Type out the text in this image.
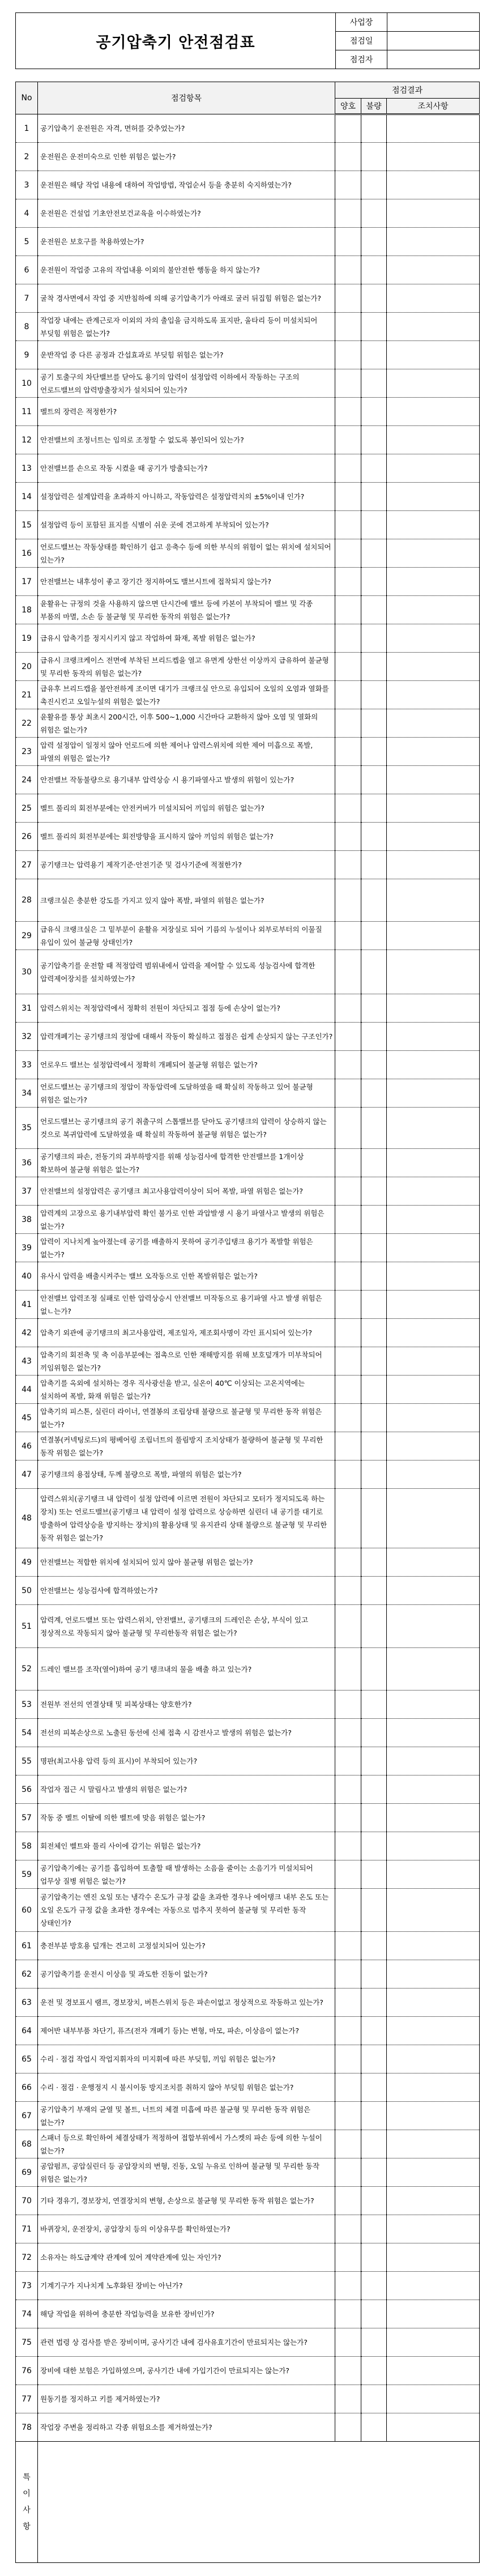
공기압축기 안전점검표
사업장
점검일
점검자
No	점검항목	점검결과		
		양호	불량	조치사항
1	공기압축기 운전원은 자격, 면허를 갖추었는가?			
2	운전원은 운전미숙으로 인한 위험은 없는가?			
3	운전원은 해당 작업 내용에 대하여 작업방법, 작업순서 등을 충분히 숙지하였는가?			
4	운전원은 건설업 기초안전보건교육을 이수하였는가?			
5	운전원은 보호구를 착용하였는가?			
6	운전원이 작업중 고유의 작업내용 이외의 불안전한 행동을 하지 않는가?			
7	굴착 경사면에서 작업 중 지반침하에 의해 공기압축기가 아래로 굴러 뒤집힘 위험은 없는가?			
8	작업장 내에는 관계근로자 이외의 자의 출입을 금지하도록 표지판, 울타리 등이 미설치되어 부딪힘 위험은 없는가?			
9	운반작업 중 다른 공정과 간섭효과로 부딪힘 위험은 없는가?			
10	공기 토출구의 차단밸브를 닫아도 용기의 압력이 설정압력 이하에서 작동하는 구조의 언로드밸브의 압력방출장치가 설치되어 있는가?			
11	벨트의 장력은 적정한가?			
12	안전밸브의 조정너트는 임의로 조정할 수 없도록 봉인되어 있는가?			
13	안전밸브를 손으로 작동 시켰을 때 공기가 방출되는가?			
14	설정압력은 설계압력을 초과하지 아니하고, 작동압력은 설정압력치의 ±5%이내 인가?			
15	설정압력 등이 포함된 표지를 식별이 쉬운 곳에 견고하게 부착되어 있는가?			
16	언로드밸브는 작동상태를 확인하기 쉽고 응축수 등에 의한 부식의 위험이 없는 위치에 설치되어 있는가?			
17	안전밸브는 내후성이 좋고 장기간 정지하여도 밸브시트에 접착되지 않는가?			
18	윤활유는 규정의 것을 사용하지 않으면 단시간에 밸브 등에 카본이 부착되어 밸브 및 각종 부품의 마멸, 소손 등 불균형 및 무리한 동작의 위험은 없는가?			
19	급유시 압축기를 정지시키지 않고 작업하여 화재, 폭발 위험은 없는가?			
20	급유시 크랭크케이스 전면에 부착된 브리드켑을 열고 유면게 상한선 이상까지 급유하여 불균형 및 무리한 동작의 위험은 없는가?			
21	급유후 브리드캡을 불안전하게 조이면 대기가 크랭크실 안으로 유입되어 오일의 오염과 열화를 촉진시킨고 오일누설의 위험은 없는가?			
22	윤활유를 통상 최초시 200시간, 이후 500~1,000 시간마다 교환하지 않아 오염 및 열화의 위험은 없는가?			
23	압력 설정압이 일정치 않아 언로드에 의한 제어나 압력스위치에 의한 제어 미흡으로 폭발, 파열의 위험은 없는가?			
24	안전밸브 작동불량으로 용기내부 압력상승 시 용기파열사고 발생의 위험이 있는가?			
25	벨트 풀리의 회전부분에는 안전커버가 미설치되어 끼임의 위험은 없는가?			
26	벨트 풀리의 회전부분에는 회전방향을 표시하지 않아 끼임의 위험은 없는가?			
27	공기탱크는 압력용기 제작기준·안전기준 및 검사기준에 적절한가?			
28	크랭크실은 충분한 강도를 가지고 있지 않아 폭발, 파열의 위험은 없는가?			
29	급유식 크랭크실은 그 밑부분이 윤활유 저장실로 되어 기름의 누설이나 외부로부터의 이물질 유입이 있어 불균형 상태인가?			
30	공기압축기를 운전할 때 적정압력 범위내에서 압력을 제어할 수 있도록 성능검사에 합격한 압력제어장치를 설치하였는가?			
31	압력스위치는 적정압력에서 정확히 전원이 차단되고 접점 등에 손상이 없는가?			
32	압력개폐기는 공기탱크의 정압에 대해서 작동이 확실하고 접점은 쉽게 손상되지 않는 구조인가?			
33	언로우드 밸브는 설정압력에서 정확히 개폐되어 불균형 위험은 없는가?			
34	언로드밸브는 공기탱크의 정압이 작동압력에 도달하였을 때 확실히 작동하고 있어 불균형 위험은 없는가?			
35	언로드밸브는 공기탱크의 공기 취출구의 스톱밸브를 닫아도 공기탱크의 압력이 상승하지 않는 것으로 복귀압력에 도달하였을 때 확실히 작동하여 불균형 위험은 없는가?			
36	공기탱크의 파손, 전동기의 과부하방지를 위해 성능검사에 합격한 안전밸브를 1개이상 확보하여 불균형 위험은 없는가?			
37	안전밸브의 설정압력은 공기탱크 최고사용압력이상이 되어 폭발, 파열 위험은 없는가?			
38	압력계의 고장으로 용기내부압력 확인 불가로 인한 과압발생 시 용기 파열사고 발생의 위험은 없는가?			
39	압력이 지나치게 높아졌는데 공기를 배출하지 못하여 공기주입탱크 용기가 폭발할 위험은 없는가?			
40	유사시 압력을 배출시켜주는 밸브 오작동으로 인한 폭발위험은 없는가?			
41	안전밸브 압력조정 실패로 인한 압력상승시 안전밸브 미작동으로 용기파열 사고 발생 위험은 없ㄴ는가?			
42	압축기 외관에 공기탱크의 최고사용압력, 제조일자, 제조회사명이 각인 표시되어 있는가?			
43	압축기의 회전축 및 축 이음부분에는 접촉으로 인한 재해방지를 위해 보호덮개가 미부착되어 끼임위험은 없는가?			
44	압축기를 옥외에 설치하는 경우 직사광선을 받고, 실온이 40℃ 이상되는 고온지역에는 설치하여 폭발, 화재 위험은 없는가?			
45	압축기의 피스톤, 실린더 라이너, 연결봉의 조립상태 불량으로 불균형 및 무리한 동작 위험은 없는가?			
46	연결봉(커넥팅로드)의 평베어링 조립너트의 풀림방지 조치상태가 불량하여 불균형 및 무리한 동작 위험은 없는가?			
47	공기탱크의 용접상태, 두께 불량으로 폭발, 파열의 위험은 없는가?			
48	압력스위치(공기탱크 내 압력이 설정 압력에 이르면 전원이 차단되고 모터가 정지되도록 하는 장치) 또는 언로드밸브(공기탱크 내 압력이 설정 압력으로 상승하면 실린더 내 공기를 대기로 방출하여 압력상승을 방지하는 장치)의 활용상태 및 유지관리 상태 불량으로 불균형 및 무리한 동작 위험은 없는가?			
49	안전밸브는 적합한 위치에 설치되어 있지 않아 불균형 위험은 없는가?			
50	안전밸브는 성능검사에 합격하였는가?			
51	압력계, 언로드밸브 또는 압력스위치, 안전밸브, 공기탱크의 드레인은 손상, 부식이 있고 정상적으로 작동되지 않아 불균형 및 무리한동작 위험은 없는가?			
52	드레인 밸브를 조작(열어)하여 공기 탱크내의 물을 배출 하고 있는가?			
53	전원부 전선의 연결상태 및 피복상태는 양호한가?			
54	전선의 피복손상으로 노출된 동선에 신체 접촉 시 감전사고 발생의 위험은 없는가?			
55	명판(최고사용 압력 등의 표시)이 부착되어 있는가?			
56	작업자 접근 시 말림사고 발생의 위험은 없는가?			
57	작동 중 벨트 이탈에 의한 벨트에 맞음 위험은 없는가?			
58	회전체인 벨트와 풀리 사이에 감기는 위험은 없는가?			
59	공기압축기에는 공기를 흡입하여 토출할 때 발생하는 소음을 줄이는 소음기가 미설치되어 업무상 질병 위험은 없는가?			
60	공기압축기는 엔진 오일 또는 냉각수 온도가 규정 값을 초과한 경우나 에어탱크 내부 온도 또는 오일 온도가 규정 값을 초과한 경우에는 자동으로 멈추지 못하여 불균형 및 무리한 동작 상태인가?			
61	충전부분 방호용 덮개는 견고히 고정설치되어 있는가?			
62	공기압축기를 운전시 이상음 및 과도한 진동이 없는가?			
63	운전 및 경보표시 램프, 경보장치, 버튼스위치 등은 파손이없고 정상적으로 작동하고 있는가?			
64	제어반 내부부품 차단기, 퓨즈(전자 개폐기 등)는 변형, 마모, 파손, 이상음이 없는가?			
65	수리 · 점검 작업시 작업지휘자의 미지휘에 따른 부딪힘, 끼임 위험은 없는가?			
66	수리 · 점검 · 운행정지 시 불시이동 방지조치를 취하지 않아 부딪힘 위험은 없는가?			
67	공기압축기 부재의 균열 및 볼트, 너트의 체결 미흡에 따른 불균형 및 무리한 동작 위험은 없는가?			
68	스패너 등으로 확인하여 체결상태가 적정하여 접합부위에서 가스켓의 파손 등에 의한 누설이 없는가?			
69	공압펌프, 공압실린더 등 공압장치의 변형, 진동, 오일 누유로 인하여 불균형 및 무리한 동작 위험은 없는가?			
70	기타 경유기, 경보장치, 연결장치의 변형, 손상으로 불균형 및 무리한 동작 위험은 없는가?			
71	바퀴장치, 운전장치, 공압장치 등의 이상유무를 확인하였는가?			
72	소유자는 하도급계약 관계에 있어 계약관계에 있는 자인가?			
73	기계기구가 지나치게 노후화된 장비는 아닌가?			
74	해당 작업을 위하여 충분한 작업능력을 보유한 장비인가?			
75	관련 법령 상 검사를 받은 장비이며, 공사기간 내에 검사유효기간이 만료되지는 않는가?			
76	장비에 대한 보험은 가입하였으며, 공사기간 내에 가입기간이 만료되지는 않는가?			
77	원동기를 정지하고 키를 제거하였는가?			
78	작업장 주변을 정리하고 각종 위험요소를 제거하였는가?			

특
이
사
항				
